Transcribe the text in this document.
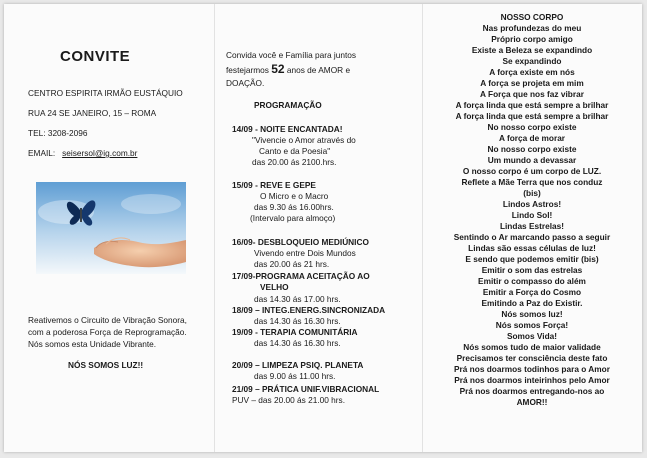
CONVITE
CENTRO ESPIRITA IRMÃO EUSTÁQUIO
RUA 24 SE JANEIRO, 15 – ROMA
TEL: 3208-2096
EMAIL: seisersol@ig.com.br
Reativemos o Circuito de Vibração Sonora,
com a poderosa Força de Reprogramação.
Nós somos esta Unidade Vibrante.
NÓS SOMOS LUZ!!
Convida você e Família para juntos
festejarmos 52 anos de AMOR e
DOAÇÃO.
PROGRAMAÇÃO
14/09 - NOITE ENCANTADA!
"Vivencie o Amor através do
Canto e da Poesia"
das 20.00 ás 2100.hrs.
15/09 - REVE E GEPE
O Micro e o Macro
das 9.30 ás 16.00hrs.
(Intervalo para almoço)
16/09- DESBLOQUEIO MEDIÚNICO
Vivendo entre Dois Mundos
das 20.00 ás 21 hrs.
17/09-PROGRAMA ACEITAÇÃO AO
VELHO
das 14.30 ás 17.00 hrs.
18/09 – INTEG.ENERG.SINCRONIZADA
das 14.30 ás 16.30 hrs.
19/09 - TERAPIA COMUNITÁRIA
das 14.30 ás 16.30 hrs.
20/09 – LIMPEZA PSIQ. PLANETA
das 9.00 ás 11.00 hrs.
21/09 – PRÁTICA UNIF.VIBRACIONAL
PUV – das 20.00 ás 21.00 hrs.
NOSSO CORPO
Nas profundezas do meu
Próprio corpo amigo
Existe a Beleza se expandindo
Se expandindo
A força existe em nós
A força se projeta em mim
A Força que nos faz vibrar
A força linda que está sempre a brilhar
A força linda que está sempre a brilhar
No nosso corpo existe
A força de morar
No nosso corpo existe
Um mundo a devassar
O nosso corpo é um corpo de LUZ.
Reflete a Mãe Terra que nos conduz
(bis)
Lindos Astros!
Lindo Sol!
Lindas Estrelas!
Sentindo o Ar marcando passo a seguir
Lindas são essas células de luz!
E sendo que podemos emitir (bis)
Emitir o som das estrelas
Emitir o compasso do além
Emitir a Força do Cosmo
Emitindo a Paz do Existir.
Nós somos luz!
Nós somos Força!
Somos Vida!
Nós somos tudo de maior validade
Precisamos ter consciência deste fato
Prá nos doarmos todinhos para o Amor
Prá nos doarmos inteirinhos pelo Amor
Prá nos doarmos entregando-nos ao
AMOR!!
